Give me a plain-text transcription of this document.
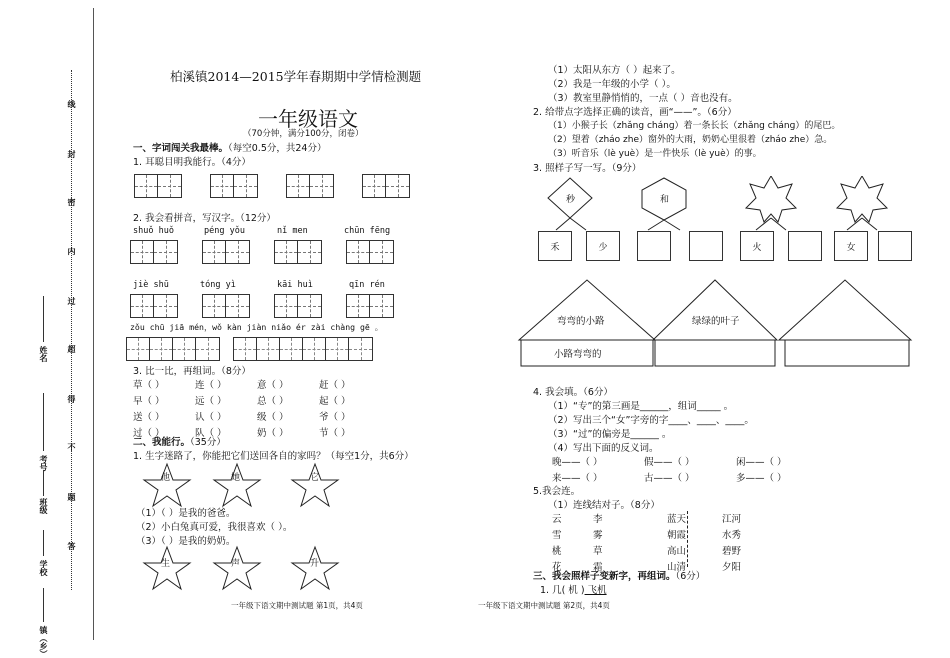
线
封
密
内
过
超
得
不
题
答
姓名
考号
班级
学校
镇（乡）
柏溪镇2014—2015学年春期期中学情检测题
一年级语文
（70分钟，满分100分，闭卷）
一、字词闯关我最棒。（每空0.5分，共24分）
1. 耳聪目明我能行。（4分）
2. 我会看拼音，写汉字。（12分）
shuǒ huǒ	péng yǒu	nǐ men	chūn fēng
jiè shū	tóng yì	kāi huì	qīn rén
zǒu chū jiā mén，wǒ kàn jiàn niǎo ér zài chàng gē 。
3. 比一比，再组词。（8分）
草（ ）	连（ ）	意（ ）	赶（ ）
早（ ）	远（ ）	总（ ）	起（ ）
送（ ）	认（ ）	级（ ）	爷（ ）
过（ ）	队（ ）	奶（ ）	节（ ）
二、我能行。（35分）
1. 生字迷路了，你能把它们送回各自的家吗？（每空1分，共6分）
他	她	它
（1）（ ）是我的爸爸。
（2）小白兔真可爱，我很喜欢（ ）。
（3）（ ）是我的奶奶。
生	声	升
一年级下语文期中测试题 第1页，共4页
（1）太阳从东方（ ）起来了。
（2）我是一年级的小学（ ）。
（3）教室里静悄悄的，一点（ ）音也没有。
2. 给带点字选择正确的读音，画“——”。（6分）
（1）小猴子长（zhǎng chánɡ）着一条长长（zhǎng chánɡ）的尾巴。
（2）望着（zháo zhe）窗外的大雨，奶奶心里很着（zháo zhe）急。
（3）听音乐（lè yuè）是一件快乐（lè yuè）的事。
3. 照样子写一写。（9分）
秒	和
禾	少	火	女
弯弯的小路
小路弯弯的
绿绿的叶子
4. 我会填。（6分）
（1）“专”的第三画是______，组词_____ 。
（2）写出三个“女”字旁的字____、____、____。
（3）“过”的偏旁是______ 。
（4）写出下面的反义词。
晚——（ ）	假——（ ）	闲——（ ）
来——（ ）	古——（ ）	多——（ ）
5.我会连。
（1）连线结对子。（8分）
云	李
雪	雾
桃	草
花	霜
蓝天	江河
朝霞	水秀
高山	碧野
山清	夕阳
三、我会照样子变新字，再组词。（6分）
1. 几( 机 ) 飞机
一年级下语文期中测试题 第2页，共4页
